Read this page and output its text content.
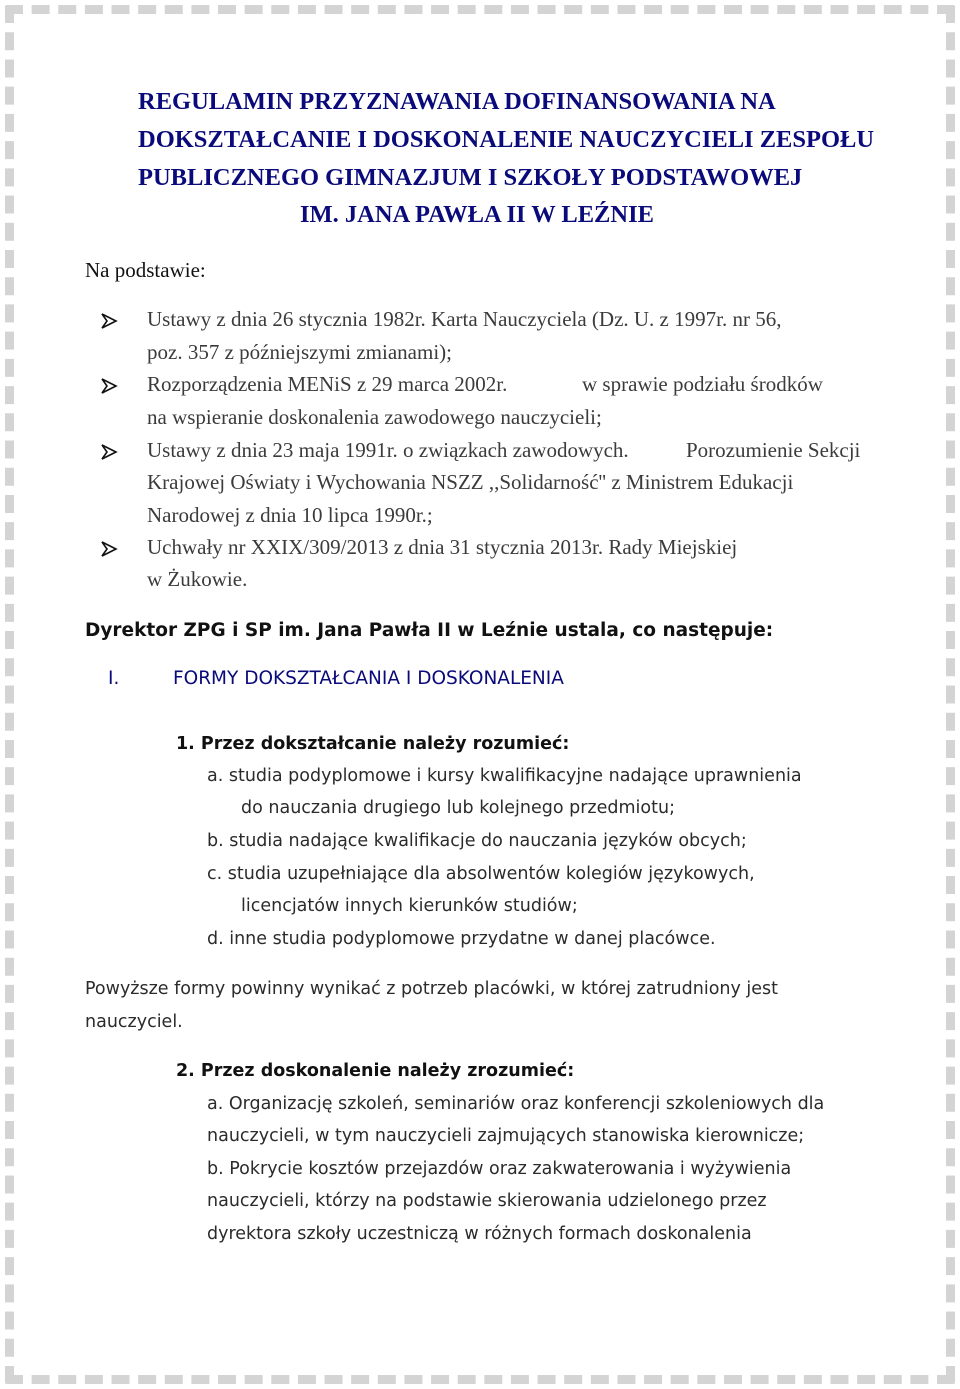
REGULAMIN PRZYZNAWANIA DOFINANSOWANIA NA
DOKSZTAŁCANIE I DOSKONALENIE NAUCZYCIELI ZESPOŁU
PUBLICZNEGO GIMNAZJUM I SZKOŁY PODSTAWOWEJ
IM. JANA PAWŁA II W LEŹNIE
Na podstawie:
Ustawy z dnia 26 stycznia 1982r. Karta Nauczyciela (Dz. U. z 1997r. nr 56,
poz. 357 z późniejszymi zmianami);
Rozporządzenia MENiS z 29 marca 2002r.	w sprawie podziału środków
na wspieranie doskonalenia zawodowego nauczycieli;
Ustawy z dnia 23 maja 1991r. o związkach zawodowych.	Porozumienie Sekcji
Krajowej Oświaty i Wychowania NSZZ ,,Solidarność'' z Ministrem Edukacji
Narodowej z dnia 10 lipca 1990r.;
Uchwały nr XXIX/309/2013 z dnia 31 stycznia 2013r. Rady Miejskiej
w Żukowie.
Dyrektor ZPG i SP im. Jana Pawła II w Leźnie ustala, co następuje:
I.	FORMY DOKSZTAŁCANIA I DOSKONALENIA
1. Przez dokształcanie należy rozumieć:
a. studia podyplomowe i kursy kwalifikacyjne nadające uprawnienia
do nauczania drugiego lub kolejnego przedmiotu;
b. studia nadające kwalifikacje do nauczania języków obcych;
c. studia uzupełniające dla absolwentów kolegiów językowych,
licencjatów innych kierunków studiów;
d. inne studia podyplomowe przydatne w danej placówce.
Powyższe formy powinny wynikać z potrzeb placówki, w której zatrudniony jest
nauczyciel.
2. Przez doskonalenie należy zrozumieć:
a. Organizację szkoleń, seminariów oraz konferencji szkoleniowych dla
nauczycieli, w tym nauczycieli zajmujących stanowiska kierownicze;
b. Pokrycie kosztów przejazdów oraz zakwaterowania i wyżywienia
nauczycieli, którzy na podstawie skierowania udzielonego przez
dyrektora szkoły uczestniczą w różnych formach doskonalenia
